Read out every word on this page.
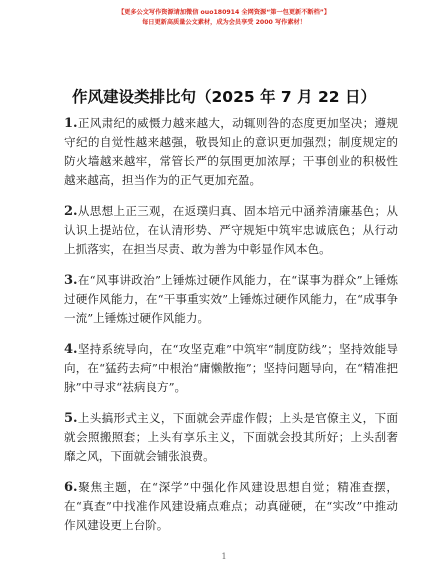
【更多公文写作资源请加微信 ouo180914 全网资源“第一包更新不断档”】
每日更新高质量公文素材，成为会员享受 2000 写作素材！
作风建设类排比句（2025 年 7 月 22 日）

1.正风肃纪的威慑力越来越大，动辄则咎的态度更加坚决；遵规守纪的自觉性越来越强，敬畏知止的意识更加强烈；制度规定的防火墙越来越牢，常管长严的氛围更加浓厚；干事创业的积极性越来越高，担当作为的正气更加充盈。

2.从思想上正三观，在返璞归真、固本培元中涵养清廉基色；从认识上提站位，在认清形势、严守规矩中筑牢忠诚底色；从行动上抓落实，在担当尽责、敢为善为中彰显作风本色。

3.在“风事讲政治”上锤炼过硬作风能力，在“谋事为群众”上锤炼过硬作风能力，在“干事重实效”上锤炼过硬作风能力，在“成事争一流”上锤炼过硬作风能力。

4.坚持系统导向，在“攻坚克难”中筑牢“制度防线”；坚持效能导向，在“猛药去疴”中根治“庸懒散拖”；坚持问题导向，在“精准把脉”中寻求“祛病良方”。

5.上头搞形式主义，下面就会弄虚作假；上头是官僚主义，下面就会照搬照套；上头有享乐主义，下面就会投其所好；上头刮奢靡之风，下面就会铺张浪费。

6.聚焦主题，在“深学”中强化作风建设思想自觉；精准查摆，在“真查”中找准作风建设痛点难点；动真碰硬，在“实改”中推动作风建设更上台阶。

1
